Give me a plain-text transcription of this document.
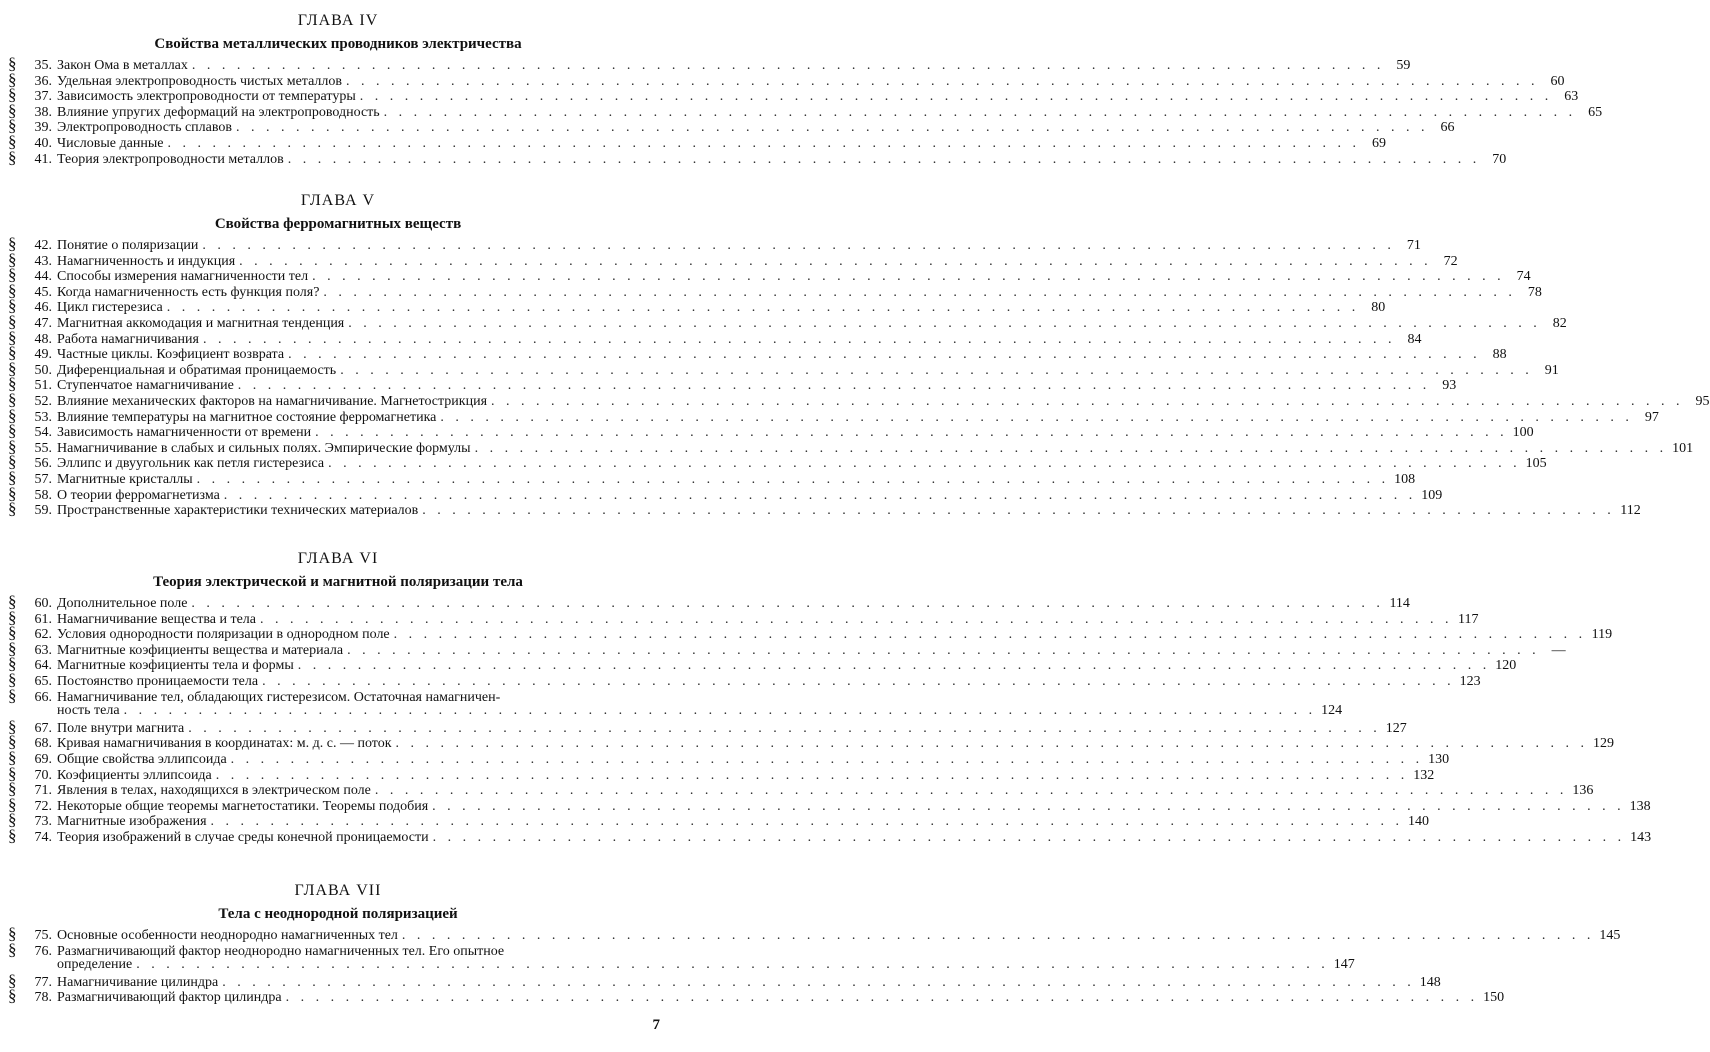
ГЛАВА IV
Свойства металлических проводников электричества
§	35. Закон Ома в металлах . . . . . . . . . . . . . . . . . . . . . . . . . . . . . . . . . . . . . . . . . . . . . . . . . . . . . . . . . . . . . . . . . . . . . . . . . . . . . . . . 59
§	36. Удельная электропроводность чистых металлов . . . . . . . . . . . . . . . . . . . . . . . . . . . . . . . . . . . . . . . . . . . . . . . . . . . . . . . . . . . . . . . . . . . . . . . . . . . . . . . . 60
§	37. Зависимость электропроводности от температуры . . . . . . . . . . . . . . . . . . . . . . . . . . . . . . . . . . . . . . . . . . . . . . . . . . . . . . . . . . . . . . . . . . . . . . . . . . . . . . . . 63
§	38. Влияние упругих деформаций на электропроводность . . . . . . . . . . . . . . . . . . . . . . . . . . . . . . . . . . . . . . . . . . . . . . . . . . . . . . . . . . . . . . . . . . . . . . . . . . . . . . . . 65
§	39. Электропроводность сплавов . . . . . . . . . . . . . . . . . . . . . . . . . . . . . . . . . . . . . . . . . . . . . . . . . . . . . . . . . . . . . . . . . . . . . . . . . . . . . . . . 66
§	40. Числовые данные . . . . . . . . . . . . . . . . . . . . . . . . . . . . . . . . . . . . . . . . . . . . . . . . . . . . . . . . . . . . . . . . . . . . . . . . . . . . . . . . 69
§	41. Теория электропроводности металлов . . . . . . . . . . . . . . . . . . . . . . . . . . . . . . . . . . . . . . . . . . . . . . . . . . . . . . . . . . . . . . . . . . . . . . . . . . . . . . . . 70
ГЛАВА V
Свойства ферромагнитных веществ
§	42. Понятие о поляризации . . . . . . . . . . . . . . . . . . . . . . . . . . . . . . . . . . . . . . . . . . . . . . . . . . . . . . . . . . . . . . . . . . . . . . . . . . . . . . . . 71
§	43. Намагниченность и индукция . . . . . . . . . . . . . . . . . . . . . . . . . . . . . . . . . . . . . . . . . . . . . . . . . . . . . . . . . . . . . . . . . . . . . . . . . . . . . . . . 72
§	44. Способы измерения намагниченности тел . . . . . . . . . . . . . . . . . . . . . . . . . . . . . . . . . . . . . . . . . . . . . . . . . . . . . . . . . . . . . . . . . . . . . . . . . . . . . . . . 74
§	45. Когда намагниченность есть функция поля? . . . . . . . . . . . . . . . . . . . . . . . . . . . . . . . . . . . . . . . . . . . . . . . . . . . . . . . . . . . . . . . . . . . . . . . . . . . . . . . . 78
§	46. Цикл гистерезиса . . . . . . . . . . . . . . . . . . . . . . . . . . . . . . . . . . . . . . . . . . . . . . . . . . . . . . . . . . . . . . . . . . . . . . . . . . . . . . . . 80
§	47. Магнитная аккомодация и магнитная тенденция . . . . . . . . . . . . . . . . . . . . . . . . . . . . . . . . . . . . . . . . . . . . . . . . . . . . . . . . . . . . . . . . . . . . . . . . . . . . . . . . 82
§	48. Работа намагничивания . . . . . . . . . . . . . . . . . . . . . . . . . . . . . . . . . . . . . . . . . . . . . . . . . . . . . . . . . . . . . . . . . . . . . . . . . . . . . . . . 84
§	49. Частные циклы. Коэфициент возврата . . . . . . . . . . . . . . . . . . . . . . . . . . . . . . . . . . . . . . . . . . . . . . . . . . . . . . . . . . . . . . . . . . . . . . . . . . . . . . . . 88
§	50. Диференциальная и обратимая проницаемость . . . . . . . . . . . . . . . . . . . . . . . . . . . . . . . . . . . . . . . . . . . . . . . . . . . . . . . . . . . . . . . . . . . . . . . . . . . . . . . . 91
§	51. Ступенчатое намагничивание . . . . . . . . . . . . . . . . . . . . . . . . . . . . . . . . . . . . . . . . . . . . . . . . . . . . . . . . . . . . . . . . . . . . . . . . . . . . . . . . 93
§	52. Влияние механических факторов на намагничивание. Магнетострикция . . . . . . . . . . . . . . . . . . . . . . . . . . . . . . . . . . . . . . . . . . . . . . . . . . . . . . . . . . . . . . . . . . . . . . . . . . . . . . . . 95
§	53. Влияние температуры на магнитное состояние ферромагнетика . . . . . . . . . . . . . . . . . . . . . . . . . . . . . . . . . . . . . . . . . . . . . . . . . . . . . . . . . . . . . . . . . . . . . . . . . . . . . . . . 97
§	54. Зависимость намагниченности от времени . . . . . . . . . . . . . . . . . . . . . . . . . . . . . . . . . . . . . . . . . . . . . . . . . . . . . . . . . . . . . . . . . . . . . . . . . . . . . . . . 100
§	55. Намагничивание в слабых и сильных полях. Эмпирические формулы . . . . . . . . . . . . . . . . . . . . . . . . . . . . . . . . . . . . . . . . . . . . . . . . . . . . . . . . . . . . . . . . . . . . . . . . . . . . . . . . 101
§	56. Эллипс и двуугольник как петля гистерезиса . . . . . . . . . . . . . . . . . . . . . . . . . . . . . . . . . . . . . . . . . . . . . . . . . . . . . . . . . . . . . . . . . . . . . . . . . . . . . . . . 105
§	57. Магнитные кристаллы . . . . . . . . . . . . . . . . . . . . . . . . . . . . . . . . . . . . . . . . . . . . . . . . . . . . . . . . . . . . . . . . . . . . . . . . . . . . . . . . 108
§	58. О теории ферромагнетизма . . . . . . . . . . . . . . . . . . . . . . . . . . . . . . . . . . . . . . . . . . . . . . . . . . . . . . . . . . . . . . . . . . . . . . . . . . . . . . . . 109
§	59. Пространственные характеристики технических материалов . . . . . . . . . . . . . . . . . . . . . . . . . . . . . . . . . . . . . . . . . . . . . . . . . . . . . . . . . . . . . . . . . . . . . . . . . . . . . . . . 112
ГЛАВА VI
Теория электрической и магнитной поляризации тела
§	60. Дополнительное поле . . . . . . . . . . . . . . . . . . . . . . . . . . . . . . . . . . . . . . . . . . . . . . . . . . . . . . . . . . . . . . . . . . . . . . . . . . . . . . . . 114
§	61. Намагничивание вещества и тела . . . . . . . . . . . . . . . . . . . . . . . . . . . . . . . . . . . . . . . . . . . . . . . . . . . . . . . . . . . . . . . . . . . . . . . . . . . . . . . . 117
§	62. Условия однородности поляризации в однородном поле . . . . . . . . . . . . . . . . . . . . . . . . . . . . . . . . . . . . . . . . . . . . . . . . . . . . . . . . . . . . . . . . . . . . . . . . . . . . . . . . 119
§	63. Магнитные коэфициенты вещества и материала . . . . . . . . . . . . . . . . . . . . . . . . . . . . . . . . . . . . . . . . . . . . . . . . . . . . . . . . . . . . . . . . . . . . . . . . . . . . . . . . —
§	64. Магнитные коэфициенты тела и формы . . . . . . . . . . . . . . . . . . . . . . . . . . . . . . . . . . . . . . . . . . . . . . . . . . . . . . . . . . . . . . . . . . . . . . . . . . . . . . . . 120
§	65. Постоянство проницаемости тела . . . . . . . . . . . . . . . . . . . . . . . . . . . . . . . . . . . . . . . . . . . . . . . . . . . . . . . . . . . . . . . . . . . . . . . . . . . . . . . . 123
§	66. Намагничивание тел, обладающих гистерезисом. Остаточная намагничен-
ность тела . . . . . . . . . . . . . . . . . . . . . . . . . . . . . . . . . . . . . . . . . . . . . . . . . . . . . . . . . . . . . . . . . . . . . . . . . . . . . . . . 124
§	67. Поле внутри магнита . . . . . . . . . . . . . . . . . . . . . . . . . . . . . . . . . . . . . . . . . . . . . . . . . . . . . . . . . . . . . . . . . . . . . . . . . . . . . . . . 127
§	68. Кривая намагничивания в координатах: м. д. с. — поток . . . . . . . . . . . . . . . . . . . . . . . . . . . . . . . . . . . . . . . . . . . . . . . . . . . . . . . . . . . . . . . . . . . . . . . . . . . . . . . . 129
§	69. Общие свойства эллипсоида . . . . . . . . . . . . . . . . . . . . . . . . . . . . . . . . . . . . . . . . . . . . . . . . . . . . . . . . . . . . . . . . . . . . . . . . . . . . . . . . 130
§	70. Коэфициенты эллипсоида . . . . . . . . . . . . . . . . . . . . . . . . . . . . . . . . . . . . . . . . . . . . . . . . . . . . . . . . . . . . . . . . . . . . . . . . . . . . . . . . 132
§	71. Явления в телах, находящихся в электрическом поле . . . . . . . . . . . . . . . . . . . . . . . . . . . . . . . . . . . . . . . . . . . . . . . . . . . . . . . . . . . . . . . . . . . . . . . . . . . . . . . . 136
§	72. Некоторые общие теоремы магнетостатики. Теоремы подобия . . . . . . . . . . . . . . . . . . . . . . . . . . . . . . . . . . . . . . . . . . . . . . . . . . . . . . . . . . . . . . . . . . . . . . . . . . . . . . . . 138
§	73. Магнитные изображения . . . . . . . . . . . . . . . . . . . . . . . . . . . . . . . . . . . . . . . . . . . . . . . . . . . . . . . . . . . . . . . . . . . . . . . . . . . . . . . . 140
§	74. Теория изображений в случае среды конечной проницаемости . . . . . . . . . . . . . . . . . . . . . . . . . . . . . . . . . . . . . . . . . . . . . . . . . . . . . . . . . . . . . . . . . . . . . . . . . . . . . . . . 143
ГЛАВА VII
Тела с неоднородной поляризацией
§	75. Основные особенности неоднородно намагниченных тел . . . . . . . . . . . . . . . . . . . . . . . . . . . . . . . . . . . . . . . . . . . . . . . . . . . . . . . . . . . . . . . . . . . . . . . . . . . . . . . . 145
§	76. Размагничивающий фактор неоднородно намагниченных тел. Его опытное
определение . . . . . . . . . . . . . . . . . . . . . . . . . . . . . . . . . . . . . . . . . . . . . . . . . . . . . . . . . . . . . . . . . . . . . . . . . . . . . . . . 147
§	77. Намагничивание цилиндра . . . . . . . . . . . . . . . . . . . . . . . . . . . . . . . . . . . . . . . . . . . . . . . . . . . . . . . . . . . . . . . . . . . . . . . . . . . . . . . . 148
§	78. Размагничивающий фактор цилиндра . . . . . . . . . . . . . . . . . . . . . . . . . . . . . . . . . . . . . . . . . . . . . . . . . . . . . . . . . . . . . . . . . . . . . . . . . . . . . . . . 150
7
